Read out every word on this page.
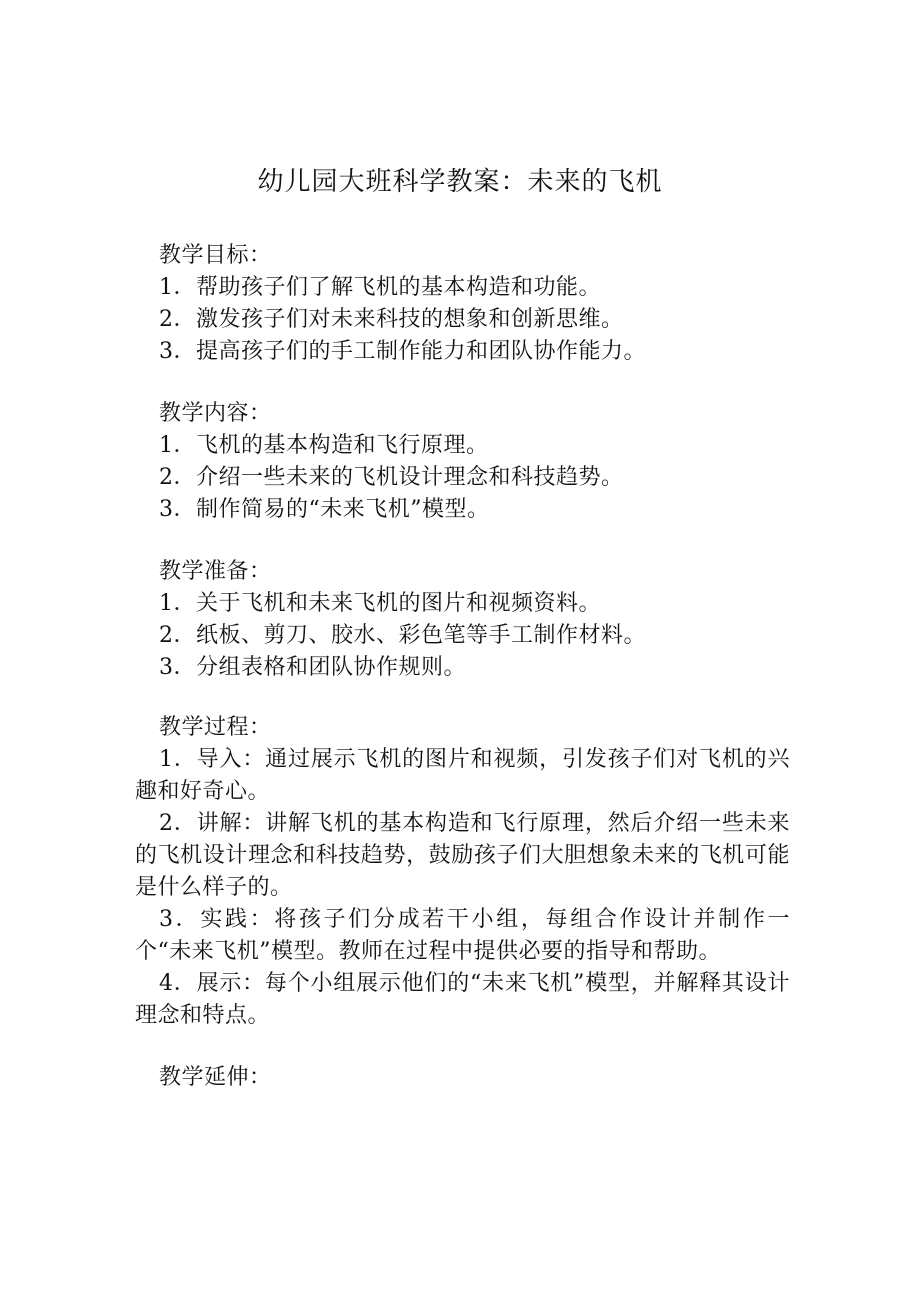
幼儿园大班科学教案：未来的飞机
教学目标：
1．帮助孩子们了解飞机的基本构造和功能。
2．激发孩子们对未来科技的想象和创新思维。
3．提高孩子们的手工制作能力和团队协作能力。
教学内容：
1．飞机的基本构造和飞行原理。
2．介绍一些未来的飞机设计理念和科技趋势。
3．制作简易的“未来飞机”模型。
教学准备：
1．关于飞机和未来飞机的图片和视频资料。
2．纸板、剪刀、胶水、彩色笔等手工制作材料。
3．分组表格和团队协作规则。
教学过程：

1．导入：通过展示飞机的图片和视频，引发孩子们对飞机的兴趣和好奇心。

2．讲解：讲解飞机的基本构造和飞行原理，然后介绍一些未来的飞机设计理念和科技趋势，鼓励孩子们大胆想象未来的飞机可能是什么样子的。

3．实践：将孩子们分成若干小组，每组合作设计并制作一个“未来飞机”模型。教师在过程中提供必要的指导和帮助。

4．展示：每个小组展示他们的“未来飞机”模型，并解释其设计理念和特点。

教学延伸：
